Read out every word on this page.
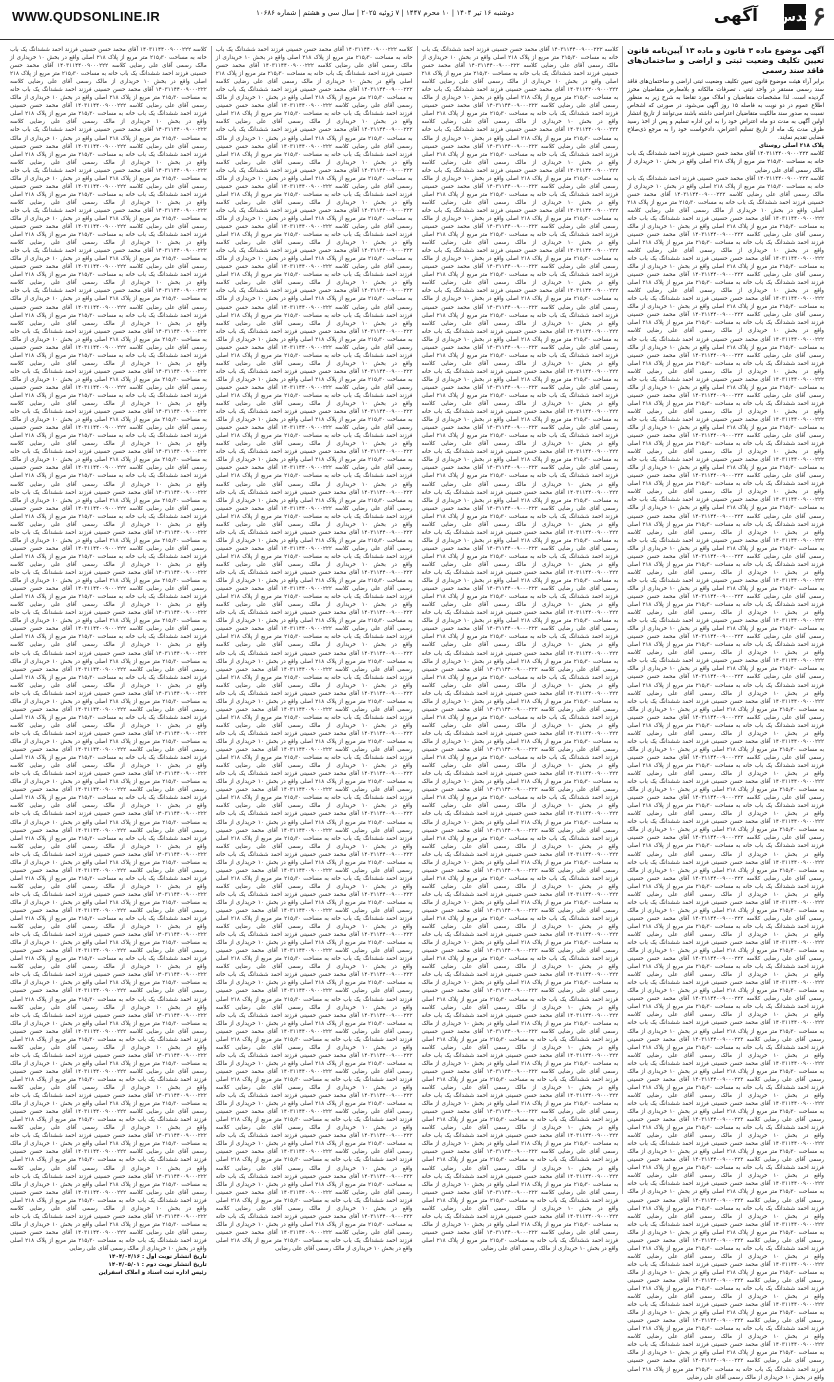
WWW.QUDSONLINE.IR	دوشنبه ۱۶ تیر ۱۴۰۴ | ۱۰ محرم ۱۴۴۷ | ۷ ژوئیه ۲۰۲۵ | سال سی و هشتم | شماره ۱۰۶۸۶	آگهی قدس ۶
آگهی موضوع ماده ۳ قانون و ماده ۱۳ آیین‌نامه قانون تعیین تکلیف وضعیت ثبتی و اراضی و ساختمان‌های فاقد سند رسمی

برابر آراء هیئت موضوع قانون تعیین تکلیف وضعیت ثبتی اراضی و ساختمان‌های فاقد سند رسمی مستقر در واحد ثبتی ، تصرفات مالکانه و بلامعارض متقاضیان محرز گردیده است. لذا مشخصات متقاضیان و املاک مورد تقاضا به شرح زیر به منظور اطلاع عموم در دو نوبت به فاصله ۱۵ روز آگهی می‌شود. در صورتی که اشخاص نسبت به صدور سند مالکیت متقاضیان اعتراضی داشته باشند می‌توانند از تاریخ انتشار اولین آگهی به مدت دو ماه اعتراض خود را به این اداره تسلیم و پس از اخذ رسید ظرف مدت یک ماه از تاریخ تسلیم اعتراض، دادخواست خود را به مرجع ذی‌صلاح قضایی تقدیم نمایند.

پلاک ۲۱۸ اصلی روستای

کلاسه ۱۴۰۳۱۱۴۴۰۰۹۰۰۰۲۲۲ آقای محمد حسن حسینی فرزند احمد ششدانگ یک باب خانه به مساحت ۲۱۵٫۳۰ متر مربع از پلاک ۲۱۸ اصلی واقع در بخش ۱۰ خریداری از مالک رسمی آقای علی رضایی

کلاسه ۱۴۰۳۱۱۴۴۰۰۹۰۰۰۲۲۲ آقای محمد حسن حسینی فرزند احمد ششدانگ یک باب خانه به مساحت ۲۱۵٫۳۰ متر مربع از پلاک ۲۱۸ اصلی واقع در بخش ۱۰ خریداری از مالک رسمی آقای علی رضایی کلاسه ۱۴۰۳۱۱۴۴۰۰۹۰۰۰۲۲۲ آقای محمد حسن حسینی فرزند احمد ششدانگ یک باب خانه به مساحت ۲۱۵٫۳۰ متر مربع از پلاک ۲۱۸ اصلی واقع در بخش ۱۰ خریداری از مالک رسمی آقای علی رضایی کلاسه ۱۴۰۳۱۱۴۴۰۰۹۰۰۰۲۲۲ آقای محمد حسن حسینی فرزند احمد ششدانگ یک باب خانه به مساحت ۲۱۵٫۳۰ متر مربع از پلاک ۲۱۸ اصلی واقع در بخش ۱۰ خریداری از مالک رسمی آقای علی رضایی کلاسه ۱۴۰۳۱۱۴۴۰۰۹۰۰۰۲۲۲ آقای محمد حسن حسینی فرزند احمد ششدانگ یک باب خانه به مساحت ۲۱۵٫۳۰ متر مربع از پلاک ۲۱۸ اصلی واقع در بخش ۱۰ خریداری از مالک رسمی آقای علی رضایی کلاسه ۱۴۰۳۱۱۴۴۰۰۹۰۰۰۲۲۲ آقای محمد حسن حسینی فرزند احمد ششدانگ یک باب خانه به مساحت ۲۱۵٫۳۰ متر مربع از پلاک ۲۱۸ اصلی واقع در بخش ۱۰ خریداری از مالک رسمی آقای علی رضایی کلاسه ۱۴۰۳۱۱۴۴۰۰۹۰۰۰۲۲۲ آقای محمد حسن حسینی فرزند احمد ششدانگ یک باب خانه به مساحت ۲۱۵٫۳۰ متر مربع از پلاک ۲۱۸ اصلی واقع در بخش ۱۰ خریداری از مالک رسمی آقای علی رضایی کلاسه ۱۴۰۳۱۱۴۴۰۰۹۰۰۰۲۲۲ آقای محمد حسن حسینی فرزند احمد ششدانگ یک باب خانه به مساحت ۲۱۵٫۳۰ متر مربع از پلاک ۲۱۸ اصلی واقع در بخش ۱۰ خریداری از مالک رسمی آقای علی رضایی کلاسه ۱۴۰۳۱۱۴۴۰۰۹۰۰۰۲۲۲ آقای محمد حسن حسینی فرزند احمد ششدانگ یک باب خانه به مساحت ۲۱۵٫۳۰ متر مربع از پلاک ۲۱۸ اصلی واقع در بخش ۱۰ خریداری از مالک رسمی آقای علی رضایی کلاسه ۱۴۰۳۱۱۴۴۰۰۹۰۰۰۲۲۲ آقای محمد حسن حسینی فرزند احمد ششدانگ یک باب خانه به مساحت ۲۱۵٫۳۰ متر مربع از پلاک ۲۱۸ اصلی واقع در بخش ۱۰ خریداری از مالک رسمی آقای علی رضایی کلاسه ۱۴۰۳۱۱۴۴۰۰۹۰۰۰۲۲۲ آقای محمد حسن حسینی فرزند احمد ششدانگ یک باب خانه به مساحت ۲۱۵٫۳۰ متر مربع از پلاک ۲۱۸ اصلی واقع در بخش ۱۰ خریداری از مالک رسمی آقای علی رضایی کلاسه ۱۴۰۳۱۱۴۴۰۰۹۰۰۰۲۲۲ آقای محمد حسن حسینی فرزند احمد ششدانگ یک باب خانه به مساحت ۲۱۵٫۳۰ متر مربع از پلاک ۲۱۸ اصلی واقع در بخش ۱۰ خریداری از مالک رسمی آقای علی رضایی کلاسه ۱۴۰۳۱۱۴۴۰۰۹۰۰۰۲۲۲ آقای محمد حسن حسینی فرزند احمد ششدانگ یک باب خانه به مساحت ۲۱۵٫۳۰ متر مربع از پلاک ۲۱۸ اصلی واقع در بخش ۱۰ خریداری از مالک رسمی آقای علی رضایی کلاسه ۱۴۰۳۱۱۴۴۰۰۹۰۰۰۲۲۲ آقای محمد حسن حسینی فرزند احمد ششدانگ یک باب خانه به مساحت ۲۱۵٫۳۰ متر مربع از پلاک ۲۱۸ اصلی واقع در بخش ۱۰ خریداری از مالک رسمی آقای علی رضایی کلاسه ۱۴۰۳۱۱۴۴۰۰۹۰۰۰۲۲۲ آقای محمد حسن حسینی فرزند احمد ششدانگ یک باب خانه به مساحت ۲۱۵٫۳۰ متر مربع از پلاک ۲۱۸ اصلی واقع در بخش ۱۰ خریداری از مالک رسمی آقای علی رضایی کلاسه ۱۴۰۳۱۱۴۴۰۰۹۰۰۰۲۲۲ آقای محمد حسن حسینی فرزند احمد ششدانگ یک باب خانه به مساحت ۲۱۵٫۳۰ متر مربع از پلاک ۲۱۸ اصلی واقع در بخش ۱۰ خریداری از مالک رسمی آقای علی رضایی کلاسه ۱۴۰۳۱۱۴۴۰۰۹۰۰۰۲۲۲ آقای محمد حسن حسینی فرزند احمد ششدانگ یک باب خانه به مساحت ۲۱۵٫۳۰ متر مربع از پلاک ۲۱۸ اصلی واقع در بخش ۱۰ خریداری از مالک رسمی آقای علی رضایی کلاسه ۱۴۰۳۱۱۴۴۰۰۹۰۰۰۲۲۲ آقای محمد حسن حسینی فرزند احمد ششدانگ یک باب خانه به مساحت ۲۱۵٫۳۰ متر مربع از پلاک ۲۱۸ اصلی واقع در بخش ۱۰ خریداری از مالک رسمی آقای علی رضایی کلاسه ۱۴۰۳۱۱۴۴۰۰۹۰۰۰۲۲۲ آقای محمد حسن حسینی فرزند احمد ششدانگ یک باب خانه به مساحت ۲۱۵٫۳۰ متر مربع از پلاک ۲۱۸ اصلی واقع در بخش ۱۰ خریداری از مالک رسمی آقای علی رضایی کلاسه ۱۴۰۳۱۱۴۴۰۰۹۰۰۰۲۲۲ آقای محمد حسن حسینی فرزند احمد ششدانگ یک باب خانه به مساحت ۲۱۵٫۳۰ متر مربع از پلاک ۲۱۸ اصلی واقع در بخش ۱۰ خریداری از مالک رسمی آقای علی رضایی کلاسه ۱۴۰۳۱۱۴۴۰۰۹۰۰۰۲۲۲ آقای محمد حسن حسینی فرزند احمد ششدانگ یک باب خانه به مساحت ۲۱۵٫۳۰ متر مربع از پلاک ۲۱۸ اصلی واقع در بخش ۱۰ خریداری از مالک رسمی آقای علی رضایی کلاسه ۱۴۰۳۱۱۴۴۰۰۹۰۰۰۲۲۲ آقای محمد حسن حسینی فرزند احمد ششدانگ یک باب خانه به مساحت ۲۱۵٫۳۰ متر مربع از پلاک ۲۱۸ اصلی واقع در بخش ۱۰ خریداری از مالک رسمی آقای علی رضایی کلاسه ۱۴۰۳۱۱۴۴۰۰۹۰۰۰۲۲۲ آقای محمد حسن حسینی فرزند احمد ششدانگ یک باب خانه به مساحت ۲۱۵٫۳۰ متر مربع از پلاک ۲۱۸ اصلی واقع در بخش ۱۰ خریداری از مالک رسمی آقای علی رضایی کلاسه ۱۴۰۳۱۱۴۴۰۰۹۰۰۰۲۲۲ آقای محمد حسن حسینی فرزند احمد ششدانگ یک باب خانه به مساحت ۲۱۵٫۳۰ متر مربع از پلاک ۲۱۸ اصلی واقع در بخش ۱۰ خریداری از مالک رسمی آقای علی رضایی کلاسه ۱۴۰۳۱۱۴۴۰۰۹۰۰۰۲۲۲ آقای محمد حسن حسینی فرزند احمد ششدانگ یک باب خانه به مساحت ۲۱۵٫۳۰ متر مربع از پلاک ۲۱۸ اصلی واقع در بخش ۱۰ خریداری از مالک رسمی آقای علی رضایی کلاسه ۱۴۰۳۱۱۴۴۰۰۹۰۰۰۲۲۲ آقای محمد حسن حسینی فرزند احمد ششدانگ یک باب خانه به مساحت ۲۱۵٫۳۰ متر مربع از پلاک ۲۱۸ اصلی واقع در بخش ۱۰ خریداری از مالک رسمی آقای علی رضایی کلاسه ۱۴۰۳۱۱۴۴۰۰۹۰۰۰۲۲۲ آقای محمد حسن حسینی فرزند احمد ششدانگ یک باب خانه به مساحت ۲۱۵٫۳۰ متر مربع از پلاک ۲۱۸ اصلی واقع در بخش ۱۰ خریداری از مالک رسمی آقای علی رضایی کلاسه ۱۴۰۳۱۱۴۴۰۰۹۰۰۰۲۲۲ آقای محمد حسن حسینی فرزند احمد ششدانگ یک باب خانه به مساحت ۲۱۵٫۳۰ متر مربع از پلاک ۲۱۸ اصلی واقع در بخش ۱۰ خریداری از مالک رسمی آقای علی رضایی کلاسه ۱۴۰۳۱۱۴۴۰۰۹۰۰۰۲۲۲ آقای محمد حسن حسینی فرزند احمد ششدانگ یک باب خانه به مساحت ۲۱۵٫۳۰ متر مربع از پلاک ۲۱۸ اصلی واقع در بخش ۱۰ خریداری از مالک رسمی آقای علی رضایی کلاسه ۱۴۰۳۱۱۴۴۰۰۹۰۰۰۲۲۲ آقای محمد حسن حسینی فرزند احمد ششدانگ یک باب خانه به مساحت ۲۱۵٫۳۰ متر مربع از پلاک ۲۱۸ اصلی واقع در بخش ۱۰ خریداری از مالک رسمی آقای علی رضایی کلاسه ۱۴۰۳۱۱۴۴۰۰۹۰۰۰۲۲۲ آقای محمد حسن حسینی فرزند احمد ششدانگ یک باب خانه به مساحت ۲۱۵٫۳۰ متر مربع از پلاک ۲۱۸ اصلی واقع در بخش ۱۰ خریداری از مالک رسمی آقای علی رضایی کلاسه ۱۴۰۳۱۱۴۴۰۰۹۰۰۰۲۲۲ آقای محمد حسن حسینی فرزند احمد ششدانگ یک باب خانه به مساحت ۲۱۵٫۳۰ متر مربع از پلاک ۲۱۸ اصلی واقع در بخش ۱۰ خریداری از مالک رسمی آقای علی رضایی کلاسه ۱۴۰۳۱۱۴۴۰۰۹۰۰۰۲۲۲ آقای محمد حسن حسینی فرزند احمد ششدانگ یک باب خانه به مساحت ۲۱۵٫۳۰ متر مربع از پلاک ۲۱۸ اصلی واقع در بخش ۱۰ خریداری از مالک رسمی آقای علی رضایی کلاسه ۱۴۰۳۱۱۴۴۰۰۹۰۰۰۲۲۲ آقای محمد حسن حسینی فرزند احمد ششدانگ یک باب خانه به مساحت ۲۱۵٫۳۰ متر مربع از پلاک ۲۱۸ اصلی واقع در بخش ۱۰ خریداری از مالک رسمی آقای علی رضایی کلاسه ۱۴۰۳۱۱۴۴۰۰۹۰۰۰۲۲۲ آقای محمد حسن حسینی فرزند احمد ششدانگ یک باب خانه به مساحت ۲۱۵٫۳۰ متر مربع از پلاک ۲۱۸ اصلی واقع در بخش ۱۰ خریداری از مالک رسمی آقای علی رضایی کلاسه ۱۴۰۳۱۱۴۴۰۰۹۰۰۰۲۲۲ آقای محمد حسن حسینی فرزند احمد ششدانگ یک باب خانه به مساحت ۲۱۵٫۳۰ متر مربع از پلاک ۲۱۸ اصلی واقع در بخش ۱۰ خریداری از مالک رسمی آقای علی رضایی کلاسه ۱۴۰۳۱۱۴۴۰۰۹۰۰۰۲۲۲ آقای محمد حسن حسینی فرزند احمد ششدانگ یک باب خانه به مساحت ۲۱۵٫۳۰ متر مربع از پلاک ۲۱۸ اصلی واقع در بخش ۱۰ خریداری از مالک رسمی آقای علی رضایی کلاسه ۱۴۰۳۱۱۴۴۰۰۹۰۰۰۲۲۲ آقای محمد حسن حسینی فرزند احمد ششدانگ یک باب خانه به مساحت ۲۱۵٫۳۰ متر مربع از پلاک ۲۱۸ اصلی واقع در بخش ۱۰ خریداری از مالک رسمی آقای علی رضایی کلاسه ۱۴۰۳۱۱۴۴۰۰۹۰۰۰۲۲۲ آقای محمد حسن حسینی فرزند احمد ششدانگ یک باب خانه به مساحت ۲۱۵٫۳۰ متر مربع از پلاک ۲۱۸ اصلی واقع در بخش ۱۰ خریداری از مالک رسمی آقای علی رضایی کلاسه ۱۴۰۳۱۱۴۴۰۰۹۰۰۰۲۲۲ آقای محمد حسن حسینی فرزند احمد ششدانگ یک باب خانه به مساحت ۲۱۵٫۳۰ متر مربع از پلاک ۲۱۸ اصلی واقع در بخش ۱۰ خریداری از مالک رسمی آقای علی رضایی کلاسه ۱۴۰۳۱۱۴۴۰۰۹۰۰۰۲۲۲ آقای محمد حسن حسینی فرزند احمد ششدانگ یک باب خانه به مساحت ۲۱۵٫۳۰ متر مربع از پلاک ۲۱۸ اصلی واقع در بخش ۱۰ خریداری از مالک رسمی آقای علی رضایی کلاسه ۱۴۰۳۱۱۴۴۰۰۹۰۰۰۲۲۲ آقای محمد حسن حسینی فرزند احمد ششدانگ یک باب خانه به مساحت ۲۱۵٫۳۰ متر مربع از پلاک ۲۱۸ اصلی واقع در بخش ۱۰ خریداری از مالک رسمی آقای علی رضایی کلاسه ۱۴۰۳۱۱۴۴۰۰۹۰۰۰۲۲۲ آقای محمد حسن حسینی فرزند احمد ششدانگ یک باب خانه به مساحت ۲۱۵٫۳۰ متر مربع از پلاک ۲۱۸ اصلی واقع در بخش ۱۰ خریداری از مالک رسمی آقای علی رضایی کلاسه ۱۴۰۳۱۱۴۴۰۰۹۰۰۰۲۲۲ آقای محمد حسن حسینی فرزند احمد ششدانگ یک باب خانه به مساحت ۲۱۵٫۳۰ متر مربع از پلاک ۲۱۸ اصلی واقع در بخش ۱۰ خریداری از مالک رسمی آقای علی رضایی کلاسه ۱۴۰۳۱۱۴۴۰۰۹۰۰۰۲۲۲ آقای محمد حسن حسینی فرزند احمد ششدانگ یک باب خانه به مساحت ۲۱۵٫۳۰ متر مربع از پلاک ۲۱۸ اصلی واقع در بخش ۱۰ خریداری از مالک رسمی آقای علی رضایی کلاسه ۱۴۰۳۱۱۴۴۰۰۹۰۰۰۲۲۲ آقای محمد حسن حسینی فرزند احمد ششدانگ یک باب خانه به مساحت ۲۱۵٫۳۰ متر مربع از پلاک ۲۱۸ اصلی واقع در بخش ۱۰ خریداری از مالک رسمی آقای علی رضایی کلاسه ۱۴۰۳۱۱۴۴۰۰۹۰۰۰۲۲۲ آقای محمد حسن حسینی فرزند احمد ششدانگ یک باب خانه به مساحت ۲۱۵٫۳۰ متر مربع از پلاک ۲۱۸ اصلی واقع در بخش ۱۰ خریداری از مالک رسمی آقای علی رضایی کلاسه ۱۴۰۳۱۱۴۴۰۰۹۰۰۰۲۲۲ آقای محمد حسن حسینی فرزند احمد ششدانگ یک باب خانه به مساحت ۲۱۵٫۳۰ متر مربع از پلاک ۲۱۸ اصلی واقع در بخش ۱۰ خریداری از مالک رسمی آقای علی رضایی کلاسه ۱۴۰۳۱۱۴۴۰۰۹۰۰۰۲۲۲ آقای محمد حسن حسینی فرزند احمد ششدانگ یک باب خانه به مساحت ۲۱۵٫۳۰ متر مربع از پلاک ۲۱۸ اصلی واقع در بخش ۱۰ خریداری از مالک رسمی آقای علی رضایی کلاسه ۱۴۰۳۱۱۴۴۰۰۹۰۰۰۲۲۲ آقای محمد حسن حسینی فرزند احمد ششدانگ یک باب خانه به مساحت ۲۱۵٫۳۰ متر مربع از پلاک ۲۱۸ اصلی واقع در بخش ۱۰ خریداری از مالک رسمی آقای علی رضایی کلاسه ۱۴۰۳۱۱۴۴۰۰۹۰۰۰۲۲۲ آقای محمد حسن حسینی فرزند احمد ششدانگ یک باب خانه به مساحت ۲۱۵٫۳۰ متر مربع از پلاک ۲۱۸ اصلی واقع در بخش ۱۰ خریداری از مالک رسمی آقای علی رضایی کلاسه ۱۴۰۳۱۱۴۴۰۰۹۰۰۰۲۲۲ آقای محمد حسن حسینی فرزند احمد ششدانگ یک باب خانه به مساحت ۲۱۵٫۳۰ متر مربع از پلاک ۲۱۸ اصلی واقع در بخش ۱۰ خریداری از مالک رسمی آقای علی رضایی کلاسه ۱۴۰۳۱۱۴۴۰۰۹۰۰۰۲۲۲ آقای محمد حسن حسینی فرزند احمد ششدانگ یک باب خانه به مساحت ۲۱۵٫۳۰ متر مربع از پلاک ۲۱۸ اصلی واقع در بخش ۱۰ خریداری از مالک رسمی آقای علی رضایی کلاسه ۱۴۰۳۱۱۴۴۰۰۹۰۰۰۲۲۲ آقای محمد حسن حسینی فرزند احمد ششدانگ یک باب خانه به مساحت ۲۱۵٫۳۰ متر مربع از پلاک ۲۱۸ اصلی واقع در بخش ۱۰ خریداری از مالک رسمی آقای علی رضایی کلاسه ۱۴۰۳۱۱۴۴۰۰۹۰۰۰۲۲۲ آقای محمد حسن حسینی فرزند احمد ششدانگ یک باب خانه به مساحت ۲۱۵٫۳۰ متر مربع از پلاک ۲۱۸ اصلی واقع در بخش ۱۰ خریداری از مالک رسمی آقای علی رضایی کلاسه ۱۴۰۳۱۱۴۴۰۰۹۰۰۰۲۲۲ آقای محمد حسن حسینی فرزند احمد ششدانگ یک باب خانه به مساحت ۲۱۵٫۳۰ متر مربع از پلاک ۲۱۸ اصلی واقع در بخش ۱۰ خریداری از مالک رسمی آقای علی رضایی کلاسه ۱۴۰۳۱۱۴۴۰۰۹۰۰۰۲۲۲ آقای محمد حسن حسینی فرزند احمد ششدانگ یک باب خانه به مساحت ۲۱۵٫۳۰ متر مربع از پلاک ۲۱۸ اصلی واقع در بخش ۱۰ خریداری از مالک رسمی آقای علی رضایی کلاسه ۱۴۰۳۱۱۴۴۰۰۹۰۰۰۲۲۲ آقای محمد حسن حسینی فرزند احمد ششدانگ یک باب خانه به مساحت ۲۱۵٫۳۰ متر مربع از پلاک ۲۱۸ اصلی واقع در بخش ۱۰ خریداری از مالک رسمی آقای علی رضایی کلاسه ۱۴۰۳۱۱۴۴۰۰۹۰۰۰۲۲۲ آقای محمد حسن حسینی فرزند احمد ششدانگ یک باب خانه به مساحت ۲۱۵٫۳۰ متر مربع از پلاک ۲۱۸ اصلی واقع در بخش ۱۰ خریداری از مالک رسمی آقای علی رضایی کلاسه ۱۴۰۳۱۱۴۴۰۰۹۰۰۰۲۲۲ آقای محمد حسن حسینی فرزند احمد ششدانگ یک باب خانه به مساحت ۲۱۵٫۳۰ متر مربع از پلاک ۲۱۸ اصلی واقع در بخش ۱۰ خریداری از مالک رسمی آقای علی رضایی کلاسه ۱۴۰۳۱۱۴۴۰۰۹۰۰۰۲۲۲ آقای محمد حسن حسینی فرزند احمد ششدانگ یک باب خانه به مساحت ۲۱۵٫۳۰ متر مربع از پلاک ۲۱۸ اصلی واقع در بخش ۱۰ خریداری از مالک رسمی آقای علی رضایی

کلاسه ۱۴۰۳۱۱۴۴۰۰۹۰۰۰۲۲۲ آقای محمد حسن حسینی فرزند احمد ششدانگ یک باب خانه به مساحت ۲۱۵٫۳۰ متر مربع از پلاک ۲۱۸ اصلی واقع در بخش ۱۰ خریداری از مالک رسمی آقای علی رضایی کلاسه ۱۴۰۳۱۱۴۴۰۰۹۰۰۰۲۲۲ آقای محمد حسن حسینی فرزند احمد ششدانگ یک باب خانه به مساحت ۲۱۵٫۳۰ متر مربع از پلاک ۲۱۸ اصلی واقع در بخش ۱۰ خریداری از مالک رسمی آقای علی رضایی کلاسه ۱۴۰۳۱۱۴۴۰۰۹۰۰۰۲۲۲ آقای محمد حسن حسینی فرزند احمد ششدانگ یک باب خانه به مساحت ۲۱۵٫۳۰ متر مربع از پلاک ۲۱۸ اصلی واقع در بخش ۱۰ خریداری از مالک رسمی آقای علی رضایی کلاسه ۱۴۰۳۱۱۴۴۰۰۹۰۰۰۲۲۲ آقای محمد حسن حسینی فرزند احمد ششدانگ یک باب خانه به مساحت ۲۱۵٫۳۰ متر مربع از پلاک ۲۱۸ اصلی واقع در بخش ۱۰ خریداری از مالک رسمی آقای علی رضایی کلاسه ۱۴۰۳۱۱۴۴۰۰۹۰۰۰۲۲۲ آقای محمد حسن حسینی فرزند احمد ششدانگ یک باب خانه به مساحت ۲۱۵٫۳۰ متر مربع از پلاک ۲۱۸ اصلی واقع در بخش ۱۰ خریداری از مالک رسمی آقای علی رضایی کلاسه ۱۴۰۳۱۱۴۴۰۰۹۰۰۰۲۲۲ آقای محمد حسن حسینی فرزند احمد ششدانگ یک باب خانه به مساحت ۲۱۵٫۳۰ متر مربع از پلاک ۲۱۸ اصلی واقع در بخش ۱۰ خریداری از مالک رسمی آقای علی رضایی کلاسه ۱۴۰۳۱۱۴۴۰۰۹۰۰۰۲۲۲ آقای محمد حسن حسینی فرزند احمد ششدانگ یک باب خانه به مساحت ۲۱۵٫۳۰ متر مربع از پلاک ۲۱۸ اصلی واقع در بخش ۱۰ خریداری از مالک رسمی آقای علی رضایی کلاسه ۱۴۰۳۱۱۴۴۰۰۹۰۰۰۲۲۲ آقای محمد حسن حسینی فرزند احمد ششدانگ یک باب خانه به مساحت ۲۱۵٫۳۰ متر مربع از پلاک ۲۱۸ اصلی واقع در بخش ۱۰ خریداری از مالک رسمی آقای علی رضایی کلاسه ۱۴۰۳۱۱۴۴۰۰۹۰۰۰۲۲۲ آقای محمد حسن حسینی فرزند احمد ششدانگ یک باب خانه به مساحت ۲۱۵٫۳۰ متر مربع از پلاک ۲۱۸ اصلی واقع در بخش ۱۰ خریداری از مالک رسمی آقای علی رضایی کلاسه ۱۴۰۳۱۱۴۴۰۰۹۰۰۰۲۲۲ آقای محمد حسن حسینی فرزند احمد ششدانگ یک باب خانه به مساحت ۲۱۵٫۳۰ متر مربع از پلاک ۲۱۸ اصلی واقع در بخش ۱۰ خریداری از مالک رسمی آقای علی رضایی کلاسه ۱۴۰۳۱۱۴۴۰۰۹۰۰۰۲۲۲ آقای محمد حسن حسینی فرزند احمد ششدانگ یک باب خانه به مساحت ۲۱۵٫۳۰ متر مربع از پلاک ۲۱۸ اصلی واقع در بخش ۱۰ خریداری از مالک رسمی آقای علی رضایی کلاسه ۱۴۰۳۱۱۴۴۰۰۹۰۰۰۲۲۲ آقای محمد حسن حسینی فرزند احمد ششدانگ یک باب خانه به مساحت ۲۱۵٫۳۰ متر مربع از پلاک ۲۱۸ اصلی واقع در بخش ۱۰ خریداری از مالک رسمی آقای علی رضایی کلاسه ۱۴۰۳۱۱۴۴۰۰۹۰۰۰۲۲۲ آقای محمد حسن حسینی فرزند احمد ششدانگ یک باب خانه به مساحت ۲۱۵٫۳۰ متر مربع از پلاک ۲۱۸ اصلی واقع در بخش ۱۰ خریداری از مالک رسمی آقای علی رضایی کلاسه ۱۴۰۳۱۱۴۴۰۰۹۰۰۰۲۲۲ آقای محمد حسن حسینی فرزند احمد ششدانگ یک باب خانه به مساحت ۲۱۵٫۳۰ متر مربع از پلاک ۲۱۸ اصلی واقع در بخش ۱۰ خریداری از مالک رسمی آقای علی رضایی کلاسه ۱۴۰۳۱۱۴۴۰۰۹۰۰۰۲۲۲ آقای محمد حسن حسینی فرزند احمد ششدانگ یک باب خانه به مساحت ۲۱۵٫۳۰ متر مربع از پلاک ۲۱۸ اصلی واقع در بخش ۱۰ خریداری از مالک رسمی آقای علی رضایی کلاسه ۱۴۰۳۱۱۴۴۰۰۹۰۰۰۲۲۲ آقای محمد حسن حسینی فرزند احمد ششدانگ یک باب خانه به مساحت ۲۱۵٫۳۰ متر مربع از پلاک ۲۱۸ اصلی واقع در بخش ۱۰ خریداری از مالک رسمی آقای علی رضایی کلاسه ۱۴۰۳۱۱۴۴۰۰۹۰۰۰۲۲۲ آقای محمد حسن حسینی فرزند احمد ششدانگ یک باب خانه به مساحت ۲۱۵٫۳۰ متر مربع از پلاک ۲۱۸ اصلی واقع در بخش ۱۰ خریداری از مالک رسمی آقای علی رضایی کلاسه ۱۴۰۳۱۱۴۴۰۰۹۰۰۰۲۲۲ آقای محمد حسن حسینی فرزند احمد ششدانگ یک باب خانه به مساحت ۲۱۵٫۳۰ متر مربع از پلاک ۲۱۸ اصلی واقع در بخش ۱۰ خریداری از مالک رسمی آقای علی رضایی کلاسه ۱۴۰۳۱۱۴۴۰۰۹۰۰۰۲۲۲ آقای محمد حسن حسینی فرزند احمد ششدانگ یک باب خانه به مساحت ۲۱۵٫۳۰ متر مربع از پلاک ۲۱۸ اصلی واقع در بخش ۱۰ خریداری از مالک رسمی آقای علی رضایی کلاسه ۱۴۰۳۱۱۴۴۰۰۹۰۰۰۲۲۲ آقای محمد حسن حسینی فرزند احمد ششدانگ یک باب خانه به مساحت ۲۱۵٫۳۰ متر مربع از پلاک ۲۱۸ اصلی واقع در بخش ۱۰ خریداری از مالک رسمی آقای علی رضایی کلاسه ۱۴۰۳۱۱۴۴۰۰۹۰۰۰۲۲۲ آقای محمد حسن حسینی فرزند احمد ششدانگ یک باب خانه به مساحت ۲۱۵٫۳۰ متر مربع از پلاک ۲۱۸ اصلی واقع در بخش ۱۰ خریداری از مالک رسمی آقای علی رضایی کلاسه ۱۴۰۳۱۱۴۴۰۰۹۰۰۰۲۲۲ آقای محمد حسن حسینی فرزند احمد ششدانگ یک باب خانه به مساحت ۲۱۵٫۳۰ متر مربع از پلاک ۲۱۸ اصلی واقع در بخش ۱۰ خریداری از مالک رسمی آقای علی رضایی کلاسه ۱۴۰۳۱۱۴۴۰۰۹۰۰۰۲۲۲ آقای محمد حسن حسینی فرزند احمد ششدانگ یک باب خانه به مساحت ۲۱۵٫۳۰ متر مربع از پلاک ۲۱۸ اصلی واقع در بخش ۱۰ خریداری از مالک رسمی آقای علی رضایی کلاسه ۱۴۰۳۱۱۴۴۰۰۹۰۰۰۲۲۲ آقای محمد حسن حسینی فرزند احمد ششدانگ یک باب خانه به مساحت ۲۱۵٫۳۰ متر مربع از پلاک ۲۱۸ اصلی واقع در بخش ۱۰ خریداری از مالک رسمی آقای علی رضایی کلاسه ۱۴۰۳۱۱۴۴۰۰۹۰۰۰۲۲۲ آقای محمد حسن حسینی فرزند احمد ششدانگ یک باب خانه به مساحت ۲۱۵٫۳۰ متر مربع از پلاک ۲۱۸ اصلی واقع در بخش ۱۰ خریداری از مالک رسمی آقای علی رضایی کلاسه ۱۴۰۳۱۱۴۴۰۰۹۰۰۰۲۲۲ آقای محمد حسن حسینی فرزند احمد ششدانگ یک باب خانه به مساحت ۲۱۵٫۳۰ متر مربع از پلاک ۲۱۸ اصلی واقع در بخش ۱۰ خریداری از مالک رسمی آقای علی رضایی کلاسه ۱۴۰۳۱۱۴۴۰۰۹۰۰۰۲۲۲ آقای محمد حسن حسینی فرزند احمد ششدانگ یک باب خانه به مساحت ۲۱۵٫۳۰ متر مربع از پلاک ۲۱۸ اصلی واقع در بخش ۱۰ خریداری از مالک رسمی آقای علی رضایی کلاسه ۱۴۰۳۱۱۴۴۰۰۹۰۰۰۲۲۲ آقای محمد حسن حسینی فرزند احمد ششدانگ یک باب خانه به مساحت ۲۱۵٫۳۰ متر مربع از پلاک ۲۱۸ اصلی واقع در بخش ۱۰ خریداری از مالک رسمی آقای علی رضایی کلاسه ۱۴۰۳۱۱۴۴۰۰۹۰۰۰۲۲۲ آقای محمد حسن حسینی فرزند احمد ششدانگ یک باب خانه به مساحت ۲۱۵٫۳۰ متر مربع از پلاک ۲۱۸ اصلی واقع در بخش ۱۰ خریداری از مالک رسمی آقای علی رضایی کلاسه ۱۴۰۳۱۱۴۴۰۰۹۰۰۰۲۲۲ آقای محمد حسن حسینی فرزند احمد ششدانگ یک باب خانه به مساحت ۲۱۵٫۳۰ متر مربع از پلاک ۲۱۸ اصلی واقع در بخش ۱۰ خریداری از مالک رسمی آقای علی رضایی کلاسه ۱۴۰۳۱۱۴۴۰۰۹۰۰۰۲۲۲ آقای محمد حسن حسینی فرزند احمد ششدانگ یک باب خانه به مساحت ۲۱۵٫۳۰ متر مربع از پلاک ۲۱۸ اصلی واقع در بخش ۱۰ خریداری از مالک رسمی آقای علی رضایی کلاسه ۱۴۰۳۱۱۴۴۰۰۹۰۰۰۲۲۲ آقای محمد حسن حسینی فرزند احمد ششدانگ یک باب خانه به مساحت ۲۱۵٫۳۰ متر مربع از پلاک ۲۱۸ اصلی واقع در بخش ۱۰ خریداری از مالک رسمی آقای علی رضایی کلاسه ۱۴۰۳۱۱۴۴۰۰۹۰۰۰۲۲۲ آقای محمد حسن حسینی فرزند احمد ششدانگ یک باب خانه به مساحت ۲۱۵٫۳۰ متر مربع از پلاک ۲۱۸ اصلی واقع در بخش ۱۰ خریداری از مالک رسمی آقای علی رضایی کلاسه ۱۴۰۳۱۱۴۴۰۰۹۰۰۰۲۲۲ آقای محمد حسن حسینی فرزند احمد ششدانگ یک باب خانه به مساحت ۲۱۵٫۳۰ متر مربع از پلاک ۲۱۸ اصلی واقع در بخش ۱۰ خریداری از مالک رسمی آقای علی رضایی کلاسه ۱۴۰۳۱۱۴۴۰۰۹۰۰۰۲۲۲ آقای محمد حسن حسینی فرزند احمد ششدانگ یک باب خانه به مساحت ۲۱۵٫۳۰ متر مربع از پلاک ۲۱۸ اصلی واقع در بخش ۱۰ خریداری از مالک رسمی آقای علی رضایی کلاسه ۱۴۰۳۱۱۴۴۰۰۹۰۰۰۲۲۲ آقای محمد حسن حسینی فرزند احمد ششدانگ یک باب خانه به مساحت ۲۱۵٫۳۰ متر مربع از پلاک ۲۱۸ اصلی واقع در بخش ۱۰ خریداری از مالک رسمی آقای علی رضایی کلاسه ۱۴۰۳۱۱۴۴۰۰۹۰۰۰۲۲۲ آقای محمد حسن حسینی فرزند احمد ششدانگ یک باب خانه به مساحت ۲۱۵٫۳۰ متر مربع از پلاک ۲۱۸ اصلی واقع در بخش ۱۰ خریداری از مالک رسمی آقای علی رضایی کلاسه ۱۴۰۳۱۱۴۴۰۰۹۰۰۰۲۲۲ آقای محمد حسن حسینی فرزند احمد ششدانگ یک باب خانه به مساحت ۲۱۵٫۳۰ متر مربع از پلاک ۲۱۸ اصلی واقع در بخش ۱۰ خریداری از مالک رسمی آقای علی رضایی کلاسه ۱۴۰۳۱۱۴۴۰۰۹۰۰۰۲۲۲ آقای محمد حسن حسینی فرزند احمد ششدانگ یک باب خانه به مساحت ۲۱۵٫۳۰ متر مربع از پلاک ۲۱۸ اصلی واقع در بخش ۱۰ خریداری از مالک رسمی آقای علی رضایی کلاسه ۱۴۰۳۱۱۴۴۰۰۹۰۰۰۲۲۲ آقای محمد حسن حسینی فرزند احمد ششدانگ یک باب خانه به مساحت ۲۱۵٫۳۰ متر مربع از پلاک ۲۱۸ اصلی واقع در بخش ۱۰ خریداری از مالک رسمی آقای علی رضایی کلاسه ۱۴۰۳۱۱۴۴۰۰۹۰۰۰۲۲۲ آقای محمد حسن حسینی فرزند احمد ششدانگ یک باب خانه به مساحت ۲۱۵٫۳۰ متر مربع از پلاک ۲۱۸ اصلی واقع در بخش ۱۰ خریداری از مالک رسمی آقای علی رضایی کلاسه ۱۴۰۳۱۱۴۴۰۰۹۰۰۰۲۲۲ آقای محمد حسن حسینی فرزند احمد ششدانگ یک باب خانه به مساحت ۲۱۵٫۳۰ متر مربع از پلاک ۲۱۸ اصلی واقع در بخش ۱۰ خریداری از مالک رسمی آقای علی رضایی کلاسه ۱۴۰۳۱۱۴۴۰۰۹۰۰۰۲۲۲ آقای محمد حسن حسینی فرزند احمد ششدانگ یک باب خانه به مساحت ۲۱۵٫۳۰ متر مربع از پلاک ۲۱۸ اصلی واقع در بخش ۱۰ خریداری از مالک رسمی آقای علی رضایی کلاسه ۱۴۰۳۱۱۴۴۰۰۹۰۰۰۲۲۲ آقای محمد حسن حسینی فرزند احمد ششدانگ یک باب خانه به مساحت ۲۱۵٫۳۰ متر مربع از پلاک ۲۱۸ اصلی واقع در بخش ۱۰ خریداری از مالک رسمی آقای علی رضایی کلاسه ۱۴۰۳۱۱۴۴۰۰۹۰۰۰۲۲۲ آقای محمد حسن حسینی فرزند احمد ششدانگ یک باب خانه به مساحت ۲۱۵٫۳۰ متر مربع از پلاک ۲۱۸ اصلی واقع در بخش ۱۰ خریداری از مالک رسمی آقای علی رضایی کلاسه ۱۴۰۳۱۱۴۴۰۰۹۰۰۰۲۲۲ آقای محمد حسن حسینی فرزند احمد ششدانگ یک باب خانه به مساحت ۲۱۵٫۳۰ متر مربع از پلاک ۲۱۸ اصلی واقع در بخش ۱۰ خریداری از مالک رسمی آقای علی رضایی کلاسه ۱۴۰۳۱۱۴۴۰۰۹۰۰۰۲۲۲ آقای محمد حسن حسینی فرزند احمد ششدانگ یک باب خانه به مساحت ۲۱۵٫۳۰ متر مربع از پلاک ۲۱۸ اصلی واقع در بخش ۱۰ خریداری از مالک رسمی آقای علی رضایی کلاسه ۱۴۰۳۱۱۴۴۰۰۹۰۰۰۲۲۲ آقای محمد حسن حسینی فرزند احمد ششدانگ یک باب خانه به مساحت ۲۱۵٫۳۰ متر مربع از پلاک ۲۱۸ اصلی واقع در بخش ۱۰ خریداری از مالک رسمی آقای علی رضایی کلاسه ۱۴۰۳۱۱۴۴۰۰۹۰۰۰۲۲۲ آقای محمد حسن حسینی فرزند احمد ششدانگ یک باب خانه به مساحت ۲۱۵٫۳۰ متر مربع از پلاک ۲۱۸ اصلی واقع در بخش ۱۰ خریداری از مالک رسمی آقای علی رضایی کلاسه ۱۴۰۳۱۱۴۴۰۰۹۰۰۰۲۲۲ آقای محمد حسن حسینی فرزند احمد ششدانگ یک باب خانه به مساحت ۲۱۵٫۳۰ متر مربع از پلاک ۲۱۸ اصلی واقع در بخش ۱۰ خریداری از مالک رسمی آقای علی رضایی کلاسه ۱۴۰۳۱۱۴۴۰۰۹۰۰۰۲۲۲ آقای محمد حسن حسینی فرزند احمد ششدانگ یک باب خانه به مساحت ۲۱۵٫۳۰ متر مربع از پلاک ۲۱۸ اصلی واقع در بخش ۱۰ خریداری از مالک رسمی آقای علی رضایی کلاسه ۱۴۰۳۱۱۴۴۰۰۹۰۰۰۲۲۲ آقای محمد حسن حسینی فرزند احمد ششدانگ یک باب خانه به مساحت ۲۱۵٫۳۰ متر مربع از پلاک ۲۱۸ اصلی واقع در بخش ۱۰ خریداری از مالک رسمی آقای علی رضایی کلاسه ۱۴۰۳۱۱۴۴۰۰۹۰۰۰۲۲۲ آقای محمد حسن حسینی فرزند احمد ششدانگ یک باب خانه به مساحت ۲۱۵٫۳۰ متر مربع از پلاک ۲۱۸ اصلی واقع در بخش ۱۰ خریداری از مالک رسمی آقای علی رضایی کلاسه ۱۴۰۳۱۱۴۴۰۰۹۰۰۰۲۲۲ آقای محمد حسن حسینی فرزند احمد ششدانگ یک باب خانه به مساحت ۲۱۵٫۳۰ متر مربع از پلاک ۲۱۸ اصلی واقع در بخش ۱۰ خریداری از مالک رسمی آقای علی رضایی کلاسه ۱۴۰۳۱۱۴۴۰۰۹۰۰۰۲۲۲ آقای محمد حسن حسینی فرزند احمد ششدانگ یک باب خانه به مساحت ۲۱۵٫۳۰ متر مربع از پلاک ۲۱۸ اصلی واقع در بخش ۱۰ خریداری از مالک رسمی آقای علی رضایی کلاسه ۱۴۰۳۱۱۴۴۰۰۹۰۰۰۲۲۲ آقای محمد حسن حسینی فرزند احمد ششدانگ یک باب خانه به مساحت ۲۱۵٫۳۰ متر مربع از پلاک ۲۱۸ اصلی واقع در بخش ۱۰ خریداری از مالک رسمی آقای علی رضایی کلاسه ۱۴۰۳۱۱۴۴۰۰۹۰۰۰۲۲۲ آقای محمد حسن حسینی فرزند احمد ششدانگ یک باب خانه به مساحت ۲۱۵٫۳۰ متر مربع از پلاک ۲۱۸ اصلی واقع در بخش ۱۰ خریداری از مالک رسمی آقای علی رضایی کلاسه ۱۴۰۳۱۱۴۴۰۰۹۰۰۰۲۲۲ آقای محمد حسن حسینی فرزند احمد ششدانگ یک باب خانه به مساحت ۲۱۵٫۳۰ متر مربع از پلاک ۲۱۸ اصلی واقع در بخش ۱۰ خریداری از مالک رسمی آقای علی رضایی کلاسه ۱۴۰۳۱۱۴۴۰۰۹۰۰۰۲۲۲ آقای محمد حسن حسینی فرزند احمد ششدانگ یک باب خانه به مساحت ۲۱۵٫۳۰ متر مربع از پلاک ۲۱۸ اصلی واقع در بخش ۱۰ خریداری از مالک رسمی آقای علی رضایی کلاسه ۱۴۰۳۱۱۴۴۰۰۹۰۰۰۲۲۲ آقای محمد حسن حسینی فرزند احمد ششدانگ یک باب خانه به مساحت ۲۱۵٫۳۰ متر مربع از پلاک ۲۱۸ اصلی واقع در بخش ۱۰ خریداری از مالک رسمی آقای علی رضایی

کلاسه ۱۴۰۳۱۱۴۴۰۰۹۰۰۰۲۲۲ آقای محمد حسن حسینی فرزند احمد ششدانگ یک باب خانه به مساحت ۲۱۵٫۳۰ متر مربع از پلاک ۲۱۸ اصلی واقع در بخش ۱۰ خریداری از مالک رسمی آقای علی رضایی کلاسه ۱۴۰۳۱۱۴۴۰۰۹۰۰۰۲۲۲ آقای محمد حسن حسینی فرزند احمد ششدانگ یک باب خانه به مساحت ۲۱۵٫۳۰ متر مربع از پلاک ۲۱۸ اصلی واقع در بخش ۱۰ خریداری از مالک رسمی آقای علی رضایی کلاسه ۱۴۰۳۱۱۴۴۰۰۹۰۰۰۲۲۲ آقای محمد حسن حسینی فرزند احمد ششدانگ یک باب خانه به مساحت ۲۱۵٫۳۰ متر مربع از پلاک ۲۱۸ اصلی واقع در بخش ۱۰ خریداری از مالک رسمی آقای علی رضایی کلاسه ۱۴۰۳۱۱۴۴۰۰۹۰۰۰۲۲۲ آقای محمد حسن حسینی فرزند احمد ششدانگ یک باب خانه به مساحت ۲۱۵٫۳۰ متر مربع از پلاک ۲۱۸ اصلی واقع در بخش ۱۰ خریداری از مالک رسمی آقای علی رضایی کلاسه ۱۴۰۳۱۱۴۴۰۰۹۰۰۰۲۲۲ آقای محمد حسن حسینی فرزند احمد ششدانگ یک باب خانه به مساحت ۲۱۵٫۳۰ متر مربع از پلاک ۲۱۸ اصلی واقع در بخش ۱۰ خریداری از مالک رسمی آقای علی رضایی کلاسه ۱۴۰۳۱۱۴۴۰۰۹۰۰۰۲۲۲ آقای محمد حسن حسینی فرزند احمد ششدانگ یک باب خانه به مساحت ۲۱۵٫۳۰ متر مربع از پلاک ۲۱۸ اصلی واقع در بخش ۱۰ خریداری از مالک رسمی آقای علی رضایی کلاسه ۱۴۰۳۱۱۴۴۰۰۹۰۰۰۲۲۲ آقای محمد حسن حسینی فرزند احمد ششدانگ یک باب خانه به مساحت ۲۱۵٫۳۰ متر مربع از پلاک ۲۱۸ اصلی واقع در بخش ۱۰ خریداری از مالک رسمی آقای علی رضایی کلاسه ۱۴۰۳۱۱۴۴۰۰۹۰۰۰۲۲۲ آقای محمد حسن حسینی فرزند احمد ششدانگ یک باب خانه به مساحت ۲۱۵٫۳۰ متر مربع از پلاک ۲۱۸ اصلی واقع در بخش ۱۰ خریداری از مالک رسمی آقای علی رضایی کلاسه ۱۴۰۳۱۱۴۴۰۰۹۰۰۰۲۲۲ آقای محمد حسن حسینی فرزند احمد ششدانگ یک باب خانه به مساحت ۲۱۵٫۳۰ متر مربع از پلاک ۲۱۸ اصلی واقع در بخش ۱۰ خریداری از مالک رسمی آقای علی رضایی کلاسه ۱۴۰۳۱۱۴۴۰۰۹۰۰۰۲۲۲ آقای محمد حسن حسینی فرزند احمد ششدانگ یک باب خانه به مساحت ۲۱۵٫۳۰ متر مربع از پلاک ۲۱۸ اصلی واقع در بخش ۱۰ خریداری از مالک رسمی آقای علی رضایی کلاسه ۱۴۰۳۱۱۴۴۰۰۹۰۰۰۲۲۲ آقای محمد حسن حسینی فرزند احمد ششدانگ یک باب خانه به مساحت ۲۱۵٫۳۰ متر مربع از پلاک ۲۱۸ اصلی واقع در بخش ۱۰ خریداری از مالک رسمی آقای علی رضایی کلاسه ۱۴۰۳۱۱۴۴۰۰۹۰۰۰۲۲۲ آقای محمد حسن حسینی فرزند احمد ششدانگ یک باب خانه به مساحت ۲۱۵٫۳۰ متر مربع از پلاک ۲۱۸ اصلی واقع در بخش ۱۰ خریداری از مالک رسمی آقای علی رضایی کلاسه ۱۴۰۳۱۱۴۴۰۰۹۰۰۰۲۲۲ آقای محمد حسن حسینی فرزند احمد ششدانگ یک باب خانه به مساحت ۲۱۵٫۳۰ متر مربع از پلاک ۲۱۸ اصلی واقع در بخش ۱۰ خریداری از مالک رسمی آقای علی رضایی کلاسه ۱۴۰۳۱۱۴۴۰۰۹۰۰۰۲۲۲ آقای محمد حسن حسینی فرزند احمد ششدانگ یک باب خانه به مساحت ۲۱۵٫۳۰ متر مربع از پلاک ۲۱۸ اصلی واقع در بخش ۱۰ خریداری از مالک رسمی آقای علی رضایی کلاسه ۱۴۰۳۱۱۴۴۰۰۹۰۰۰۲۲۲ آقای محمد حسن حسینی فرزند احمد ششدانگ یک باب خانه به مساحت ۲۱۵٫۳۰ متر مربع از پلاک ۲۱۸ اصلی واقع در بخش ۱۰ خریداری از مالک رسمی آقای علی رضایی کلاسه ۱۴۰۳۱۱۴۴۰۰۹۰۰۰۲۲۲ آقای محمد حسن حسینی فرزند احمد ششدانگ یک باب خانه به مساحت ۲۱۵٫۳۰ متر مربع از پلاک ۲۱۸ اصلی واقع در بخش ۱۰ خریداری از مالک رسمی آقای علی رضایی کلاسه ۱۴۰۳۱۱۴۴۰۰۹۰۰۰۲۲۲ آقای محمد حسن حسینی فرزند احمد ششدانگ یک باب خانه به مساحت ۲۱۵٫۳۰ متر مربع از پلاک ۲۱۸ اصلی واقع در بخش ۱۰ خریداری از مالک رسمی آقای علی رضایی کلاسه ۱۴۰۳۱۱۴۴۰۰۹۰۰۰۲۲۲ آقای محمد حسن حسینی فرزند احمد ششدانگ یک باب خانه به مساحت ۲۱۵٫۳۰ متر مربع از پلاک ۲۱۸ اصلی واقع در بخش ۱۰ خریداری از مالک رسمی آقای علی رضایی کلاسه ۱۴۰۳۱۱۴۴۰۰۹۰۰۰۲۲۲ آقای محمد حسن حسینی فرزند احمد ششدانگ یک باب خانه به مساحت ۲۱۵٫۳۰ متر مربع از پلاک ۲۱۸ اصلی واقع در بخش ۱۰ خریداری از مالک رسمی آقای علی رضایی کلاسه ۱۴۰۳۱۱۴۴۰۰۹۰۰۰۲۲۲ آقای محمد حسن حسینی فرزند احمد ششدانگ یک باب خانه به مساحت ۲۱۵٫۳۰ متر مربع از پلاک ۲۱۸ اصلی واقع در بخش ۱۰ خریداری از مالک رسمی آقای علی رضایی کلاسه ۱۴۰۳۱۱۴۴۰۰۹۰۰۰۲۲۲ آقای محمد حسن حسینی فرزند احمد ششدانگ یک باب خانه به مساحت ۲۱۵٫۳۰ متر مربع از پلاک ۲۱۸ اصلی واقع در بخش ۱۰ خریداری از مالک رسمی آقای علی رضایی کلاسه ۱۴۰۳۱۱۴۴۰۰۹۰۰۰۲۲۲ آقای محمد حسن حسینی فرزند احمد ششدانگ یک باب خانه به مساحت ۲۱۵٫۳۰ متر مربع از پلاک ۲۱۸ اصلی واقع در بخش ۱۰ خریداری از مالک رسمی آقای علی رضایی کلاسه ۱۴۰۳۱۱۴۴۰۰۹۰۰۰۲۲۲ آقای محمد حسن حسینی فرزند احمد ششدانگ یک باب خانه به مساحت ۲۱۵٫۳۰ متر مربع از پلاک ۲۱۸ اصلی واقع در بخش ۱۰ خریداری از مالک رسمی آقای علی رضایی کلاسه ۱۴۰۳۱۱۴۴۰۰۹۰۰۰۲۲۲ آقای محمد حسن حسینی فرزند احمد ششدانگ یک باب خانه به مساحت ۲۱۵٫۳۰ متر مربع از پلاک ۲۱۸ اصلی واقع در بخش ۱۰ خریداری از مالک رسمی آقای علی رضایی کلاسه ۱۴۰۳۱۱۴۴۰۰۹۰۰۰۲۲۲ آقای محمد حسن حسینی فرزند احمد ششدانگ یک باب خانه به مساحت ۲۱۵٫۳۰ متر مربع از پلاک ۲۱۸ اصلی واقع در بخش ۱۰ خریداری از مالک رسمی آقای علی رضایی کلاسه ۱۴۰۳۱۱۴۴۰۰۹۰۰۰۲۲۲ آقای محمد حسن حسینی فرزند احمد ششدانگ یک باب خانه به مساحت ۲۱۵٫۳۰ متر مربع از پلاک ۲۱۸ اصلی واقع در بخش ۱۰ خریداری از مالک رسمی آقای علی رضایی کلاسه ۱۴۰۳۱۱۴۴۰۰۹۰۰۰۲۲۲ آقای محمد حسن حسینی فرزند احمد ششدانگ یک باب خانه به مساحت ۲۱۵٫۳۰ متر مربع از پلاک ۲۱۸ اصلی واقع در بخش ۱۰ خریداری از مالک رسمی آقای علی رضایی کلاسه ۱۴۰۳۱۱۴۴۰۰۹۰۰۰۲۲۲ آقای محمد حسن حسینی فرزند احمد ششدانگ یک باب خانه به مساحت ۲۱۵٫۳۰ متر مربع از پلاک ۲۱۸ اصلی واقع در بخش ۱۰ خریداری از مالک رسمی آقای علی رضایی کلاسه ۱۴۰۳۱۱۴۴۰۰۹۰۰۰۲۲۲ آقای محمد حسن حسینی فرزند احمد ششدانگ یک باب خانه به مساحت ۲۱۵٫۳۰ متر مربع از پلاک ۲۱۸ اصلی واقع در بخش ۱۰ خریداری از مالک رسمی آقای علی رضایی کلاسه ۱۴۰۳۱۱۴۴۰۰۹۰۰۰۲۲۲ آقای محمد حسن حسینی فرزند احمد ششدانگ یک باب خانه به مساحت ۲۱۵٫۳۰ متر مربع از پلاک ۲۱۸ اصلی واقع در بخش ۱۰ خریداری از مالک رسمی آقای علی رضایی کلاسه ۱۴۰۳۱۱۴۴۰۰۹۰۰۰۲۲۲ آقای محمد حسن حسینی فرزند احمد ششدانگ یک باب خانه به مساحت ۲۱۵٫۳۰ متر مربع از پلاک ۲۱۸ اصلی واقع در بخش ۱۰ خریداری از مالک رسمی آقای علی رضایی کلاسه ۱۴۰۳۱۱۴۴۰۰۹۰۰۰۲۲۲ آقای محمد حسن حسینی فرزند احمد ششدانگ یک باب خانه به مساحت ۲۱۵٫۳۰ متر مربع از پلاک ۲۱۸ اصلی واقع در بخش ۱۰ خریداری از مالک رسمی آقای علی رضایی کلاسه ۱۴۰۳۱۱۴۴۰۰۹۰۰۰۲۲۲ آقای محمد حسن حسینی فرزند احمد ششدانگ یک باب خانه به مساحت ۲۱۵٫۳۰ متر مربع از پلاک ۲۱۸ اصلی واقع در بخش ۱۰ خریداری از مالک رسمی آقای علی رضایی کلاسه ۱۴۰۳۱۱۴۴۰۰۹۰۰۰۲۲۲ آقای محمد حسن حسینی فرزند احمد ششدانگ یک باب خانه به مساحت ۲۱۵٫۳۰ متر مربع از پلاک ۲۱۸ اصلی واقع در بخش ۱۰ خریداری از مالک رسمی آقای علی رضایی کلاسه ۱۴۰۳۱۱۴۴۰۰۹۰۰۰۲۲۲ آقای محمد حسن حسینی فرزند احمد ششدانگ یک باب خانه به مساحت ۲۱۵٫۳۰ متر مربع از پلاک ۲۱۸ اصلی واقع در بخش ۱۰ خریداری از مالک رسمی آقای علی رضایی کلاسه ۱۴۰۳۱۱۴۴۰۰۹۰۰۰۲۲۲ آقای محمد حسن حسینی فرزند احمد ششدانگ یک باب خانه به مساحت ۲۱۵٫۳۰ متر مربع از پلاک ۲۱۸ اصلی واقع در بخش ۱۰ خریداری از مالک رسمی آقای علی رضایی کلاسه ۱۴۰۳۱۱۴۴۰۰۹۰۰۰۲۲۲ آقای محمد حسن حسینی فرزند احمد ششدانگ یک باب خانه به مساحت ۲۱۵٫۳۰ متر مربع از پلاک ۲۱۸ اصلی واقع در بخش ۱۰ خریداری از مالک رسمی آقای علی رضایی کلاسه ۱۴۰۳۱۱۴۴۰۰۹۰۰۰۲۲۲ آقای محمد حسن حسینی فرزند احمد ششدانگ یک باب خانه به مساحت ۲۱۵٫۳۰ متر مربع از پلاک ۲۱۸ اصلی واقع در بخش ۱۰ خریداری از مالک رسمی آقای علی رضایی کلاسه ۱۴۰۳۱۱۴۴۰۰۹۰۰۰۲۲۲ آقای محمد حسن حسینی فرزند احمد ششدانگ یک باب خانه به مساحت ۲۱۵٫۳۰ متر مربع از پلاک ۲۱۸ اصلی واقع در بخش ۱۰ خریداری از مالک رسمی آقای علی رضایی کلاسه ۱۴۰۳۱۱۴۴۰۰۹۰۰۰۲۲۲ آقای محمد حسن حسینی فرزند احمد ششدانگ یک باب خانه به مساحت ۲۱۵٫۳۰ متر مربع از پلاک ۲۱۸ اصلی واقع در بخش ۱۰ خریداری از مالک رسمی آقای علی رضایی کلاسه ۱۴۰۳۱۱۴۴۰۰۹۰۰۰۲۲۲ آقای محمد حسن حسینی فرزند احمد ششدانگ یک باب خانه به مساحت ۲۱۵٫۳۰ متر مربع از پلاک ۲۱۸ اصلی واقع در بخش ۱۰ خریداری از مالک رسمی آقای علی رضایی کلاسه ۱۴۰۳۱۱۴۴۰۰۹۰۰۰۲۲۲ آقای محمد حسن حسینی فرزند احمد ششدانگ یک باب خانه به مساحت ۲۱۵٫۳۰ متر مربع از پلاک ۲۱۸ اصلی واقع در بخش ۱۰ خریداری از مالک رسمی آقای علی رضایی کلاسه ۱۴۰۳۱۱۴۴۰۰۹۰۰۰۲۲۲ آقای محمد حسن حسینی فرزند احمد ششدانگ یک باب خانه به مساحت ۲۱۵٫۳۰ متر مربع از پلاک ۲۱۸ اصلی واقع در بخش ۱۰ خریداری از مالک رسمی آقای علی رضایی کلاسه ۱۴۰۳۱۱۴۴۰۰۹۰۰۰۲۲۲ آقای محمد حسن حسینی فرزند احمد ششدانگ یک باب خانه به مساحت ۲۱۵٫۳۰ متر مربع از پلاک ۲۱۸ اصلی واقع در بخش ۱۰ خریداری از مالک رسمی آقای علی رضایی کلاسه ۱۴۰۳۱۱۴۴۰۰۹۰۰۰۲۲۲ آقای محمد حسن حسینی فرزند احمد ششدانگ یک باب خانه به مساحت ۲۱۵٫۳۰ متر مربع از پلاک ۲۱۸ اصلی واقع در بخش ۱۰ خریداری از مالک رسمی آقای علی رضایی کلاسه ۱۴۰۳۱۱۴۴۰۰۹۰۰۰۲۲۲ آقای محمد حسن حسینی فرزند احمد ششدانگ یک باب خانه به مساحت ۲۱۵٫۳۰ متر مربع از پلاک ۲۱۸ اصلی واقع در بخش ۱۰ خریداری از مالک رسمی آقای علی رضایی کلاسه ۱۴۰۳۱۱۴۴۰۰۹۰۰۰۲۲۲ آقای محمد حسن حسینی فرزند احمد ششدانگ یک باب خانه به مساحت ۲۱۵٫۳۰ متر مربع از پلاک ۲۱۸ اصلی واقع در بخش ۱۰ خریداری از مالک رسمی آقای علی رضایی کلاسه ۱۴۰۳۱۱۴۴۰۰۹۰۰۰۲۲۲ آقای محمد حسن حسینی فرزند احمد ششدانگ یک باب خانه به مساحت ۲۱۵٫۳۰ متر مربع از پلاک ۲۱۸ اصلی واقع در بخش ۱۰ خریداری از مالک رسمی آقای علی رضایی کلاسه ۱۴۰۳۱۱۴۴۰۰۹۰۰۰۲۲۲ آقای محمد حسن حسینی فرزند احمد ششدانگ یک باب خانه به مساحت ۲۱۵٫۳۰ متر مربع از پلاک ۲۱۸ اصلی واقع در بخش ۱۰ خریداری از مالک رسمی آقای علی رضایی کلاسه ۱۴۰۳۱۱۴۴۰۰۹۰۰۰۲۲۲ آقای محمد حسن حسینی فرزند احمد ششدانگ یک باب خانه به مساحت ۲۱۵٫۳۰ متر مربع از پلاک ۲۱۸ اصلی واقع در بخش ۱۰ خریداری از مالک رسمی آقای علی رضایی کلاسه ۱۴۰۳۱۱۴۴۰۰۹۰۰۰۲۲۲ آقای محمد حسن حسینی فرزند احمد ششدانگ یک باب خانه به مساحت ۲۱۵٫۳۰ متر مربع از پلاک ۲۱۸ اصلی واقع در بخش ۱۰ خریداری از مالک رسمی آقای علی رضایی کلاسه ۱۴۰۳۱۱۴۴۰۰۹۰۰۰۲۲۲ آقای محمد حسن حسینی فرزند احمد ششدانگ یک باب خانه به مساحت ۲۱۵٫۳۰ متر مربع از پلاک ۲۱۸ اصلی واقع در بخش ۱۰ خریداری از مالک رسمی آقای علی رضایی کلاسه ۱۴۰۳۱۱۴۴۰۰۹۰۰۰۲۲۲ آقای محمد حسن حسینی فرزند احمد ششدانگ یک باب خانه به مساحت ۲۱۵٫۳۰ متر مربع از پلاک ۲۱۸ اصلی واقع در بخش ۱۰ خریداری از مالک رسمی آقای علی رضایی کلاسه ۱۴۰۳۱۱۴۴۰۰۹۰۰۰۲۲۲ آقای محمد حسن حسینی فرزند احمد ششدانگ یک باب خانه به مساحت ۲۱۵٫۳۰ متر مربع از پلاک ۲۱۸ اصلی واقع در بخش ۱۰ خریداری از مالک رسمی آقای علی رضایی کلاسه ۱۴۰۳۱۱۴۴۰۰۹۰۰۰۲۲۲ آقای محمد حسن حسینی فرزند احمد ششدانگ یک باب خانه به مساحت ۲۱۵٫۳۰ متر مربع از پلاک ۲۱۸ اصلی واقع در بخش ۱۰ خریداری از مالک رسمی آقای علی رضایی کلاسه ۱۴۰۳۱۱۴۴۰۰۹۰۰۰۲۲۲ آقای محمد حسن حسینی فرزند احمد ششدانگ یک باب خانه به مساحت ۲۱۵٫۳۰ متر مربع از پلاک ۲۱۸ اصلی واقع در بخش ۱۰ خریداری از مالک رسمی آقای علی رضایی کلاسه ۱۴۰۳۱۱۴۴۰۰۹۰۰۰۲۲۲ آقای محمد حسن حسینی فرزند احمد ششدانگ یک باب خانه به مساحت ۲۱۵٫۳۰ متر مربع از پلاک ۲۱۸ اصلی واقع در بخش ۱۰ خریداری از مالک رسمی آقای علی رضایی کلاسه ۱۴۰۳۱۱۴۴۰۰۹۰۰۰۲۲۲ آقای محمد حسن حسینی فرزند احمد ششدانگ یک باب خانه به مساحت ۲۱۵٫۳۰ متر مربع از پلاک ۲۱۸ اصلی واقع در بخش ۱۰ خریداری از مالک رسمی آقای علی رضایی کلاسه ۱۴۰۳۱۱۴۴۰۰۹۰۰۰۲۲۲ آقای محمد حسن حسینی فرزند احمد ششدانگ یک باب خانه به مساحت ۲۱۵٫۳۰ متر مربع از پلاک ۲۱۸ اصلی واقع در بخش ۱۰ خریداری از مالک رسمی آقای علی رضایی کلاسه ۱۴۰۳۱۱۴۴۰۰۹۰۰۰۲۲۲ آقای محمد حسن حسینی فرزند احمد ششدانگ یک باب خانه به مساحت ۲۱۵٫۳۰ متر مربع از پلاک ۲۱۸ اصلی واقع در بخش ۱۰ خریداری از مالک رسمی آقای علی رضایی

کلاسه ۱۴۰۳۱۱۴۴۰۰۹۰۰۰۲۲۲ آقای محمد حسن حسینی فرزند احمد ششدانگ یک باب خانه به مساحت ۲۱۵٫۳۰ متر مربع از پلاک ۲۱۸ اصلی واقع در بخش ۱۰ خریداری از مالک رسمی آقای علی رضایی کلاسه ۱۴۰۳۱۱۴۴۰۰۹۰۰۰۲۲۲ آقای محمد حسن حسینی فرزند احمد ششدانگ یک باب خانه به مساحت ۲۱۵٫۳۰ متر مربع از پلاک ۲۱۸ اصلی واقع در بخش ۱۰ خریداری از مالک رسمی آقای علی رضایی کلاسه ۱۴۰۳۱۱۴۴۰۰۹۰۰۰۲۲۲ آقای محمد حسن حسینی فرزند احمد ششدانگ یک باب خانه به مساحت ۲۱۵٫۳۰ متر مربع از پلاک ۲۱۸ اصلی واقع در بخش ۱۰ خریداری از مالک رسمی آقای علی رضایی کلاسه ۱۴۰۳۱۱۴۴۰۰۹۰۰۰۲۲۲ آقای محمد حسن حسینی فرزند احمد ششدانگ یک باب خانه به مساحت ۲۱۵٫۳۰ متر مربع از پلاک ۲۱۸ اصلی واقع در بخش ۱۰ خریداری از مالک رسمی آقای علی رضایی کلاسه ۱۴۰۳۱۱۴۴۰۰۹۰۰۰۲۲۲ آقای محمد حسن حسینی فرزند احمد ششدانگ یک باب خانه به مساحت ۲۱۵٫۳۰ متر مربع از پلاک ۲۱۸ اصلی واقع در بخش ۱۰ خریداری از مالک رسمی آقای علی رضایی کلاسه ۱۴۰۳۱۱۴۴۰۰۹۰۰۰۲۲۲ آقای محمد حسن حسینی فرزند احمد ششدانگ یک باب خانه به مساحت ۲۱۵٫۳۰ متر مربع از پلاک ۲۱۸ اصلی واقع در بخش ۱۰ خریداری از مالک رسمی آقای علی رضایی کلاسه ۱۴۰۳۱۱۴۴۰۰۹۰۰۰۲۲۲ آقای محمد حسن حسینی فرزند احمد ششدانگ یک باب خانه به مساحت ۲۱۵٫۳۰ متر مربع از پلاک ۲۱۸ اصلی واقع در بخش ۱۰ خریداری از مالک رسمی آقای علی رضایی کلاسه ۱۴۰۳۱۱۴۴۰۰۹۰۰۰۲۲۲ آقای محمد حسن حسینی فرزند احمد ششدانگ یک باب خانه به مساحت ۲۱۵٫۳۰ متر مربع از پلاک ۲۱۸ اصلی واقع در بخش ۱۰ خریداری از مالک رسمی آقای علی رضایی کلاسه ۱۴۰۳۱۱۴۴۰۰۹۰۰۰۲۲۲ آقای محمد حسن حسینی فرزند احمد ششدانگ یک باب خانه به مساحت ۲۱۵٫۳۰ متر مربع از پلاک ۲۱۸ اصلی واقع در بخش ۱۰ خریداری از مالک رسمی آقای علی رضایی کلاسه ۱۴۰۳۱۱۴۴۰۰۹۰۰۰۲۲۲ آقای محمد حسن حسینی فرزند احمد ششدانگ یک باب خانه به مساحت ۲۱۵٫۳۰ متر مربع از پلاک ۲۱۸ اصلی واقع در بخش ۱۰ خریداری از مالک رسمی آقای علی رضایی کلاسه ۱۴۰۳۱۱۴۴۰۰۹۰۰۰۲۲۲ آقای محمد حسن حسینی فرزند احمد ششدانگ یک باب خانه به مساحت ۲۱۵٫۳۰ متر مربع از پلاک ۲۱۸ اصلی واقع در بخش ۱۰ خریداری از مالک رسمی آقای علی رضایی کلاسه ۱۴۰۳۱۱۴۴۰۰۹۰۰۰۲۲۲ آقای محمد حسن حسینی فرزند احمد ششدانگ یک باب خانه به مساحت ۲۱۵٫۳۰ متر مربع از پلاک ۲۱۸ اصلی واقع در بخش ۱۰ خریداری از مالک رسمی آقای علی رضایی کلاسه ۱۴۰۳۱۱۴۴۰۰۹۰۰۰۲۲۲ آقای محمد حسن حسینی فرزند احمد ششدانگ یک باب خانه به مساحت ۲۱۵٫۳۰ متر مربع از پلاک ۲۱۸ اصلی واقع در بخش ۱۰ خریداری از مالک رسمی آقای علی رضایی کلاسه ۱۴۰۳۱۱۴۴۰۰۹۰۰۰۲۲۲ آقای محمد حسن حسینی فرزند احمد ششدانگ یک باب خانه به مساحت ۲۱۵٫۳۰ متر مربع از پلاک ۲۱۸ اصلی واقع در بخش ۱۰ خریداری از مالک رسمی آقای علی رضایی کلاسه ۱۴۰۳۱۱۴۴۰۰۹۰۰۰۲۲۲ آقای محمد حسن حسینی فرزند احمد ششدانگ یک باب خانه به مساحت ۲۱۵٫۳۰ متر مربع از پلاک ۲۱۸ اصلی واقع در بخش ۱۰ خریداری از مالک رسمی آقای علی رضایی کلاسه ۱۴۰۳۱۱۴۴۰۰۹۰۰۰۲۲۲ آقای محمد حسن حسینی فرزند احمد ششدانگ یک باب خانه به مساحت ۲۱۵٫۳۰ متر مربع از پلاک ۲۱۸ اصلی واقع در بخش ۱۰ خریداری از مالک رسمی آقای علی رضایی کلاسه ۱۴۰۳۱۱۴۴۰۰۹۰۰۰۲۲۲ آقای محمد حسن حسینی فرزند احمد ششدانگ یک باب خانه به مساحت ۲۱۵٫۳۰ متر مربع از پلاک ۲۱۸ اصلی واقع در بخش ۱۰ خریداری از مالک رسمی آقای علی رضایی کلاسه ۱۴۰۳۱۱۴۴۰۰۹۰۰۰۲۲۲ آقای محمد حسن حسینی فرزند احمد ششدانگ یک باب خانه به مساحت ۲۱۵٫۳۰ متر مربع از پلاک ۲۱۸ اصلی واقع در بخش ۱۰ خریداری از مالک رسمی آقای علی رضایی کلاسه ۱۴۰۳۱۱۴۴۰۰۹۰۰۰۲۲۲ آقای محمد حسن حسینی فرزند احمد ششدانگ یک باب خانه به مساحت ۲۱۵٫۳۰ متر مربع از پلاک ۲۱۸ اصلی واقع در بخش ۱۰ خریداری از مالک رسمی آقای علی رضایی کلاسه ۱۴۰۳۱۱۴۴۰۰۹۰۰۰۲۲۲ آقای محمد حسن حسینی فرزند احمد ششدانگ یک باب خانه به مساحت ۲۱۵٫۳۰ متر مربع از پلاک ۲۱۸ اصلی واقع در بخش ۱۰ خریداری از مالک رسمی آقای علی رضایی کلاسه ۱۴۰۳۱۱۴۴۰۰۹۰۰۰۲۲۲ آقای محمد حسن حسینی فرزند احمد ششدانگ یک باب خانه به مساحت ۲۱۵٫۳۰ متر مربع از پلاک ۲۱۸ اصلی واقع در بخش ۱۰ خریداری از مالک رسمی آقای علی رضایی کلاسه ۱۴۰۳۱۱۴۴۰۰۹۰۰۰۲۲۲ آقای محمد حسن حسینی فرزند احمد ششدانگ یک باب خانه به مساحت ۲۱۵٫۳۰ متر مربع از پلاک ۲۱۸ اصلی واقع در بخش ۱۰ خریداری از مالک رسمی آقای علی رضایی کلاسه ۱۴۰۳۱۱۴۴۰۰۹۰۰۰۲۲۲ آقای محمد حسن حسینی فرزند احمد ششدانگ یک باب خانه به مساحت ۲۱۵٫۳۰ متر مربع از پلاک ۲۱۸ اصلی واقع در بخش ۱۰ خریداری از مالک رسمی آقای علی رضایی کلاسه ۱۴۰۳۱۱۴۴۰۰۹۰۰۰۲۲۲ آقای محمد حسن حسینی فرزند احمد ششدانگ یک باب خانه به مساحت ۲۱۵٫۳۰ متر مربع از پلاک ۲۱۸ اصلی واقع در بخش ۱۰ خریداری از مالک رسمی آقای علی رضایی کلاسه ۱۴۰۳۱۱۴۴۰۰۹۰۰۰۲۲۲ آقای محمد حسن حسینی فرزند احمد ششدانگ یک باب خانه به مساحت ۲۱۵٫۳۰ متر مربع از پلاک ۲۱۸ اصلی واقع در بخش ۱۰ خریداری از مالک رسمی آقای علی رضایی کلاسه ۱۴۰۳۱۱۴۴۰۰۹۰۰۰۲۲۲ آقای محمد حسن حسینی فرزند احمد ششدانگ یک باب خانه به مساحت ۲۱۵٫۳۰ متر مربع از پلاک ۲۱۸ اصلی واقع در بخش ۱۰ خریداری از مالک رسمی آقای علی رضایی کلاسه ۱۴۰۳۱۱۴۴۰۰۹۰۰۰۲۲۲ آقای محمد حسن حسینی فرزند احمد ششدانگ یک باب خانه به مساحت ۲۱۵٫۳۰ متر مربع از پلاک ۲۱۸ اصلی واقع در بخش ۱۰ خریداری از مالک رسمی آقای علی رضایی کلاسه ۱۴۰۳۱۱۴۴۰۰۹۰۰۰۲۲۲ آقای محمد حسن حسینی فرزند احمد ششدانگ یک باب خانه به مساحت ۲۱۵٫۳۰ متر مربع از پلاک ۲۱۸ اصلی واقع در بخش ۱۰ خریداری از مالک رسمی آقای علی رضایی کلاسه ۱۴۰۳۱۱۴۴۰۰۹۰۰۰۲۲۲ آقای محمد حسن حسینی فرزند احمد ششدانگ یک باب خانه به مساحت ۲۱۵٫۳۰ متر مربع از پلاک ۲۱۸ اصلی واقع در بخش ۱۰ خریداری از مالک رسمی آقای علی رضایی کلاسه ۱۴۰۳۱۱۴۴۰۰۹۰۰۰۲۲۲ آقای محمد حسن حسینی فرزند احمد ششدانگ یک باب خانه به مساحت ۲۱۵٫۳۰ متر مربع از پلاک ۲۱۸ اصلی واقع در بخش ۱۰ خریداری از مالک رسمی آقای علی رضایی کلاسه ۱۴۰۳۱۱۴۴۰۰۹۰۰۰۲۲۲ آقای محمد حسن حسینی فرزند احمد ششدانگ یک باب خانه به مساحت ۲۱۵٫۳۰ متر مربع از پلاک ۲۱۸ اصلی واقع در بخش ۱۰ خریداری از مالک رسمی آقای علی رضایی کلاسه ۱۴۰۳۱۱۴۴۰۰۹۰۰۰۲۲۲ آقای محمد حسن حسینی فرزند احمد ششدانگ یک باب خانه به مساحت ۲۱۵٫۳۰ متر مربع از پلاک ۲۱۸ اصلی واقع در بخش ۱۰ خریداری از مالک رسمی آقای علی رضایی کلاسه ۱۴۰۳۱۱۴۴۰۰۹۰۰۰۲۲۲ آقای محمد حسن حسینی فرزند احمد ششدانگ یک باب خانه به مساحت ۲۱۵٫۳۰ متر مربع از پلاک ۲۱۸ اصلی واقع در بخش ۱۰ خریداری از مالک رسمی آقای علی رضایی کلاسه ۱۴۰۳۱۱۴۴۰۰۹۰۰۰۲۲۲ آقای محمد حسن حسینی فرزند احمد ششدانگ یک باب خانه به مساحت ۲۱۵٫۳۰ متر مربع از پلاک ۲۱۸ اصلی واقع در بخش ۱۰ خریداری از مالک رسمی آقای علی رضایی کلاسه ۱۴۰۳۱۱۴۴۰۰۹۰۰۰۲۲۲ آقای محمد حسن حسینی فرزند احمد ششدانگ یک باب خانه به مساحت ۲۱۵٫۳۰ متر مربع از پلاک ۲۱۸ اصلی واقع در بخش ۱۰ خریداری از مالک رسمی آقای علی رضایی کلاسه ۱۴۰۳۱۱۴۴۰۰۹۰۰۰۲۲۲ آقای محمد حسن حسینی فرزند احمد ششدانگ یک باب خانه به مساحت ۲۱۵٫۳۰ متر مربع از پلاک ۲۱۸ اصلی واقع در بخش ۱۰ خریداری از مالک رسمی آقای علی رضایی کلاسه ۱۴۰۳۱۱۴۴۰۰۹۰۰۰۲۲۲ آقای محمد حسن حسینی فرزند احمد ششدانگ یک باب خانه به مساحت ۲۱۵٫۳۰ متر مربع از پلاک ۲۱۸ اصلی واقع در بخش ۱۰ خریداری از مالک رسمی آقای علی رضایی کلاسه ۱۴۰۳۱۱۴۴۰۰۹۰۰۰۲۲۲ آقای محمد حسن حسینی فرزند احمد ششدانگ یک باب خانه به مساحت ۲۱۵٫۳۰ متر مربع از پلاک ۲۱۸ اصلی واقع در بخش ۱۰ خریداری از مالک رسمی آقای علی رضایی کلاسه ۱۴۰۳۱۱۴۴۰۰۹۰۰۰۲۲۲ آقای محمد حسن حسینی فرزند احمد ششدانگ یک باب خانه به مساحت ۲۱۵٫۳۰ متر مربع از پلاک ۲۱۸ اصلی واقع در بخش ۱۰ خریداری از مالک رسمی آقای علی رضایی کلاسه ۱۴۰۳۱۱۴۴۰۰۹۰۰۰۲۲۲ آقای محمد حسن حسینی فرزند احمد ششدانگ یک باب خانه به مساحت ۲۱۵٫۳۰ متر مربع از پلاک ۲۱۸ اصلی واقع در بخش ۱۰ خریداری از مالک رسمی آقای علی رضایی کلاسه ۱۴۰۳۱۱۴۴۰۰۹۰۰۰۲۲۲ آقای محمد حسن حسینی فرزند احمد ششدانگ یک باب خانه به مساحت ۲۱۵٫۳۰ متر مربع از پلاک ۲۱۸ اصلی واقع در بخش ۱۰ خریداری از مالک رسمی آقای علی رضایی کلاسه ۱۴۰۳۱۱۴۴۰۰۹۰۰۰۲۲۲ آقای محمد حسن حسینی فرزند احمد ششدانگ یک باب خانه به مساحت ۲۱۵٫۳۰ متر مربع از پلاک ۲۱۸ اصلی واقع در بخش ۱۰ خریداری از مالک رسمی آقای علی رضایی کلاسه ۱۴۰۳۱۱۴۴۰۰۹۰۰۰۲۲۲ آقای محمد حسن حسینی فرزند احمد ششدانگ یک باب خانه به مساحت ۲۱۵٫۳۰ متر مربع از پلاک ۲۱۸ اصلی واقع در بخش ۱۰ خریداری از مالک رسمی آقای علی رضایی کلاسه ۱۴۰۳۱۱۴۴۰۰۹۰۰۰۲۲۲ آقای محمد حسن حسینی فرزند احمد ششدانگ یک باب خانه به مساحت ۲۱۵٫۳۰ متر مربع از پلاک ۲۱۸ اصلی واقع در بخش ۱۰ خریداری از مالک رسمی آقای علی رضایی کلاسه ۱۴۰۳۱۱۴۴۰۰۹۰۰۰۲۲۲ آقای محمد حسن حسینی فرزند احمد ششدانگ یک باب خانه به مساحت ۲۱۵٫۳۰ متر مربع از پلاک ۲۱۸ اصلی واقع در بخش ۱۰ خریداری از مالک رسمی آقای علی رضایی کلاسه ۱۴۰۳۱۱۴۴۰۰۹۰۰۰۲۲۲ آقای محمد حسن حسینی فرزند احمد ششدانگ یک باب خانه به مساحت ۲۱۵٫۳۰ متر مربع از پلاک ۲۱۸ اصلی واقع در بخش ۱۰ خریداری از مالک رسمی آقای علی رضایی کلاسه ۱۴۰۳۱۱۴۴۰۰۹۰۰۰۲۲۲ آقای محمد حسن حسینی فرزند احمد ششدانگ یک باب خانه به مساحت ۲۱۵٫۳۰ متر مربع از پلاک ۲۱۸ اصلی واقع در بخش ۱۰ خریداری از مالک رسمی آقای علی رضایی کلاسه ۱۴۰۳۱۱۴۴۰۰۹۰۰۰۲۲۲ آقای محمد حسن حسینی فرزند احمد ششدانگ یک باب خانه به مساحت ۲۱۵٫۳۰ متر مربع از پلاک ۲۱۸ اصلی واقع در بخش ۱۰ خریداری از مالک رسمی آقای علی رضایی کلاسه ۱۴۰۳۱۱۴۴۰۰۹۰۰۰۲۲۲ آقای محمد حسن حسینی فرزند احمد ششدانگ یک باب خانه به مساحت ۲۱۵٫۳۰ متر مربع از پلاک ۲۱۸ اصلی واقع در بخش ۱۰ خریداری از مالک رسمی آقای علی رضایی کلاسه ۱۴۰۳۱۱۴۴۰۰۹۰۰۰۲۲۲ آقای محمد حسن حسینی فرزند احمد ششدانگ یک باب خانه به مساحت ۲۱۵٫۳۰ متر مربع از پلاک ۲۱۸ اصلی واقع در بخش ۱۰ خریداری از مالک رسمی آقای علی رضایی کلاسه ۱۴۰۳۱۱۴۴۰۰۹۰۰۰۲۲۲ آقای محمد حسن حسینی فرزند احمد ششدانگ یک باب خانه به مساحت ۲۱۵٫۳۰ متر مربع از پلاک ۲۱۸ اصلی واقع در بخش ۱۰ خریداری از مالک رسمی آقای علی رضایی کلاسه ۱۴۰۳۱۱۴۴۰۰۹۰۰۰۲۲۲ آقای محمد حسن حسینی فرزند احمد ششدانگ یک باب خانه به مساحت ۲۱۵٫۳۰ متر مربع از پلاک ۲۱۸ اصلی واقع در بخش ۱۰ خریداری از مالک رسمی آقای علی رضایی کلاسه ۱۴۰۳۱۱۴۴۰۰۹۰۰۰۲۲۲ آقای محمد حسن حسینی فرزند احمد ششدانگ یک باب خانه به مساحت ۲۱۵٫۳۰ متر مربع از پلاک ۲۱۸ اصلی واقع در بخش ۱۰ خریداری از مالک رسمی آقای علی رضایی کلاسه ۱۴۰۳۱۱۴۴۰۰۹۰۰۰۲۲۲ آقای محمد حسن حسینی فرزند احمد ششدانگ یک باب خانه به مساحت ۲۱۵٫۳۰ متر مربع از پلاک ۲۱۸ اصلی واقع در بخش ۱۰ خریداری از مالک رسمی آقای علی رضایی کلاسه ۱۴۰۳۱۱۴۴۰۰۹۰۰۰۲۲۲ آقای محمد حسن حسینی فرزند احمد ششدانگ یک باب خانه به مساحت ۲۱۵٫۳۰ متر مربع از پلاک ۲۱۸ اصلی واقع در بخش ۱۰ خریداری از مالک رسمی آقای علی رضایی کلاسه ۱۴۰۳۱۱۴۴۰۰۹۰۰۰۲۲۲ آقای محمد حسن حسینی فرزند احمد ششدانگ یک باب خانه به مساحت ۲۱۵٫۳۰ متر مربع از پلاک ۲۱۸ اصلی واقع در بخش ۱۰ خریداری از مالک رسمی آقای علی رضایی کلاسه ۱۴۰۳۱۱۴۴۰۰۹۰۰۰۲۲۲ آقای محمد حسن حسینی فرزند احمد ششدانگ یک باب خانه به مساحت ۲۱۵٫۳۰ متر مربع از پلاک ۲۱۸ اصلی واقع در بخش ۱۰ خریداری از مالک رسمی آقای علی رضایی کلاسه ۱۴۰۳۱۱۴۴۰۰۹۰۰۰۲۲۲ آقای محمد حسن حسینی فرزند احمد ششدانگ یک باب خانه به مساحت ۲۱۵٫۳۰ متر مربع از پلاک ۲۱۸ اصلی واقع در بخش ۱۰ خریداری از مالک رسمی آقای علی رضایی کلاسه ۱۴۰۳۱۱۴۴۰۰۹۰۰۰۲۲۲ آقای محمد حسن حسینی فرزند احمد ششدانگ یک باب خانه به مساحت ۲۱۵٫۳۰ متر مربع از پلاک ۲۱۸ اصلی واقع در بخش ۱۰ خریداری از مالک رسمی آقای علی رضایی کلاسه ۱۴۰۳۱۱۴۴۰۰۹۰۰۰۲۲۲ آقای محمد حسن حسینی فرزند احمد ششدانگ یک باب خانه به مساحت ۲۱۵٫۳۰ متر مربع از پلاک ۲۱۸ اصلی واقع در بخش ۱۰ خریداری از مالک رسمی آقای علی رضایی

تاریخ انتشار نوبت اول : ۱۴۰۴/۰۴/۱۶

تاریخ انتشار نوبت دوم : ۱۴۰۴/۰۵/۰۱

رئیس اداره ثبت اسناد و املاک اسفراین
